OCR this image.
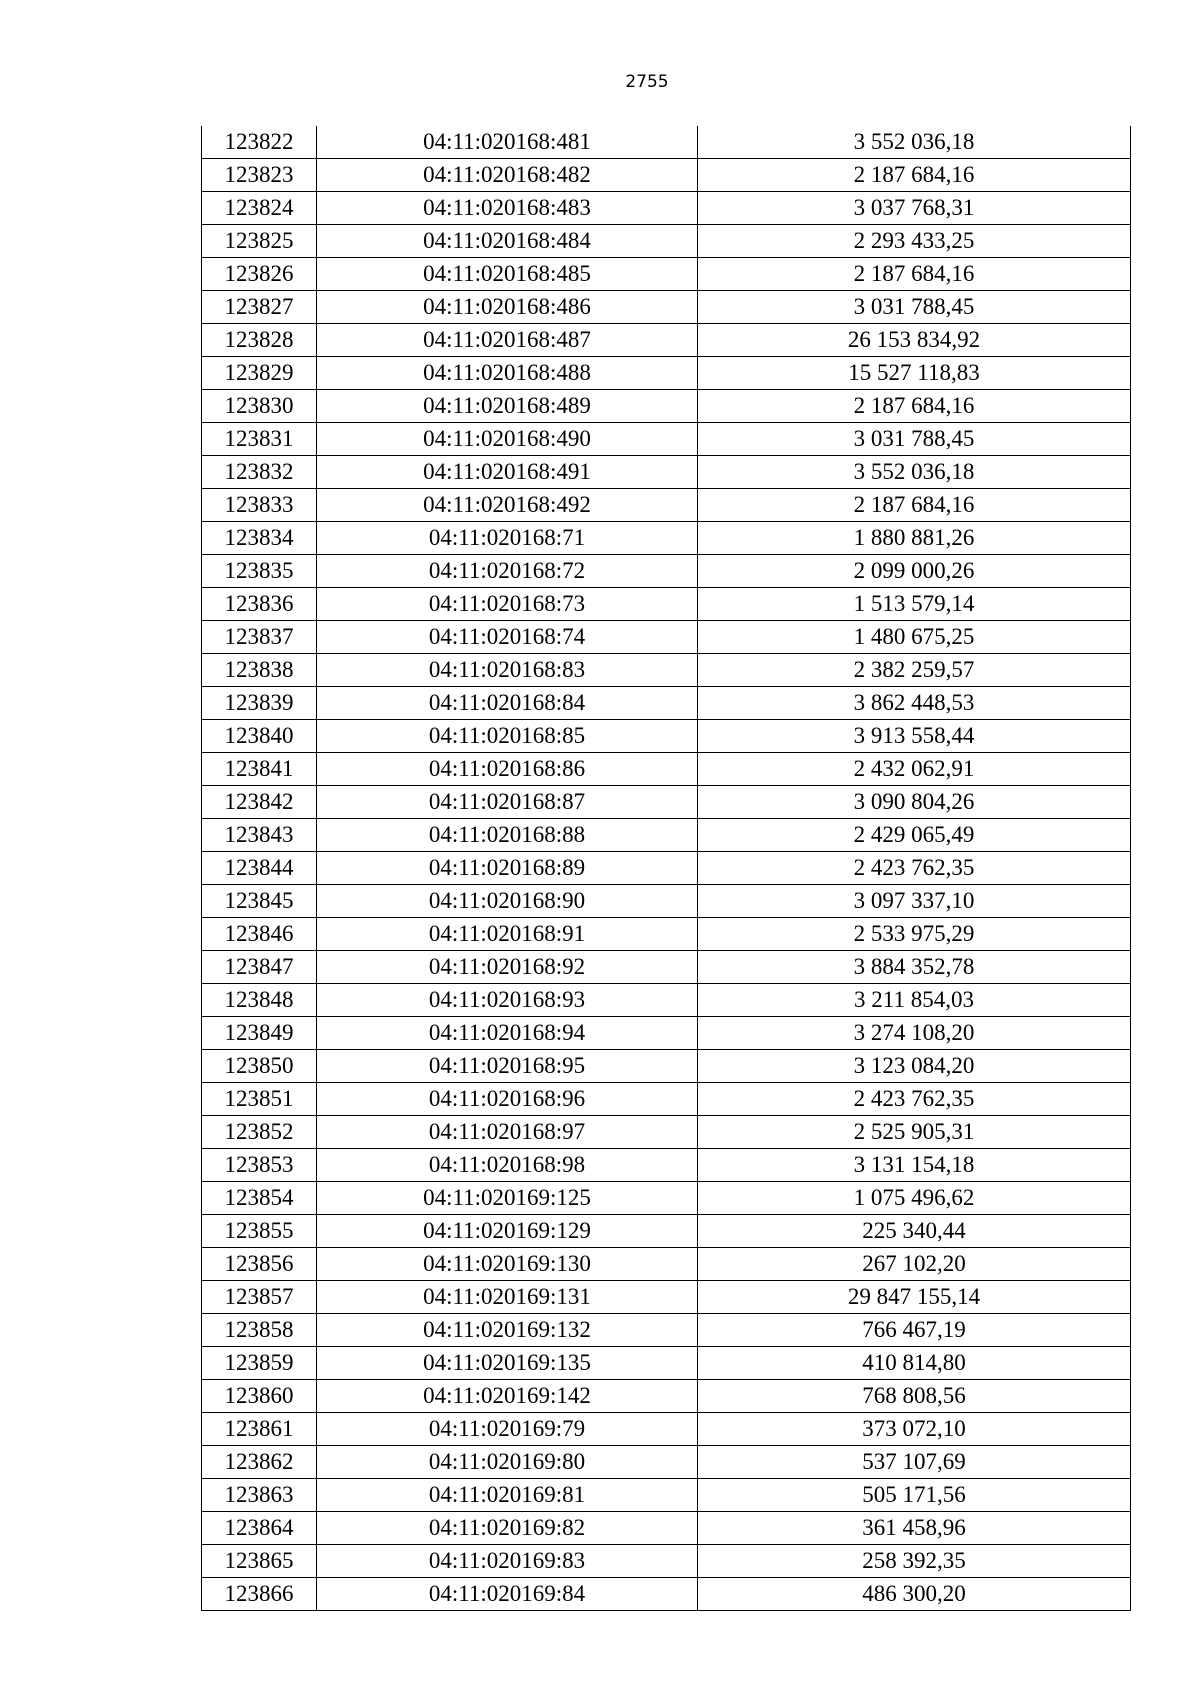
2755
123822	04:11:020168:481	3 552 036,18
123823	04:11:020168:482	2 187 684,16
123824	04:11:020168:483	3 037 768,31
123825	04:11:020168:484	2 293 433,25
123826	04:11:020168:485	2 187 684,16
123827	04:11:020168:486	3 031 788,45
123828	04:11:020168:487	26 153 834,92
123829	04:11:020168:488	15 527 118,83
123830	04:11:020168:489	2 187 684,16
123831	04:11:020168:490	3 031 788,45
123832	04:11:020168:491	3 552 036,18
123833	04:11:020168:492	2 187 684,16
123834	04:11:020168:71	1 880 881,26
123835	04:11:020168:72	2 099 000,26
123836	04:11:020168:73	1 513 579,14
123837	04:11:020168:74	1 480 675,25
123838	04:11:020168:83	2 382 259,57
123839	04:11:020168:84	3 862 448,53
123840	04:11:020168:85	3 913 558,44
123841	04:11:020168:86	2 432 062,91
123842	04:11:020168:87	3 090 804,26
123843	04:11:020168:88	2 429 065,49
123844	04:11:020168:89	2 423 762,35
123845	04:11:020168:90	3 097 337,10
123846	04:11:020168:91	2 533 975,29
123847	04:11:020168:92	3 884 352,78
123848	04:11:020168:93	3 211 854,03
123849	04:11:020168:94	3 274 108,20
123850	04:11:020168:95	3 123 084,20
123851	04:11:020168:96	2 423 762,35
123852	04:11:020168:97	2 525 905,31
123853	04:11:020168:98	3 131 154,18
123854	04:11:020169:125	1 075 496,62
123855	04:11:020169:129	225 340,44
123856	04:11:020169:130	267 102,20
123857	04:11:020169:131	29 847 155,14
123858	04:11:020169:132	766 467,19
123859	04:11:020169:135	410 814,80
123860	04:11:020169:142	768 808,56
123861	04:11:020169:79	373 072,10
123862	04:11:020169:80	537 107,69
123863	04:11:020169:81	505 171,56
123864	04:11:020169:82	361 458,96
123865	04:11:020169:83	258 392,35
123866	04:11:020169:84	486 300,20
